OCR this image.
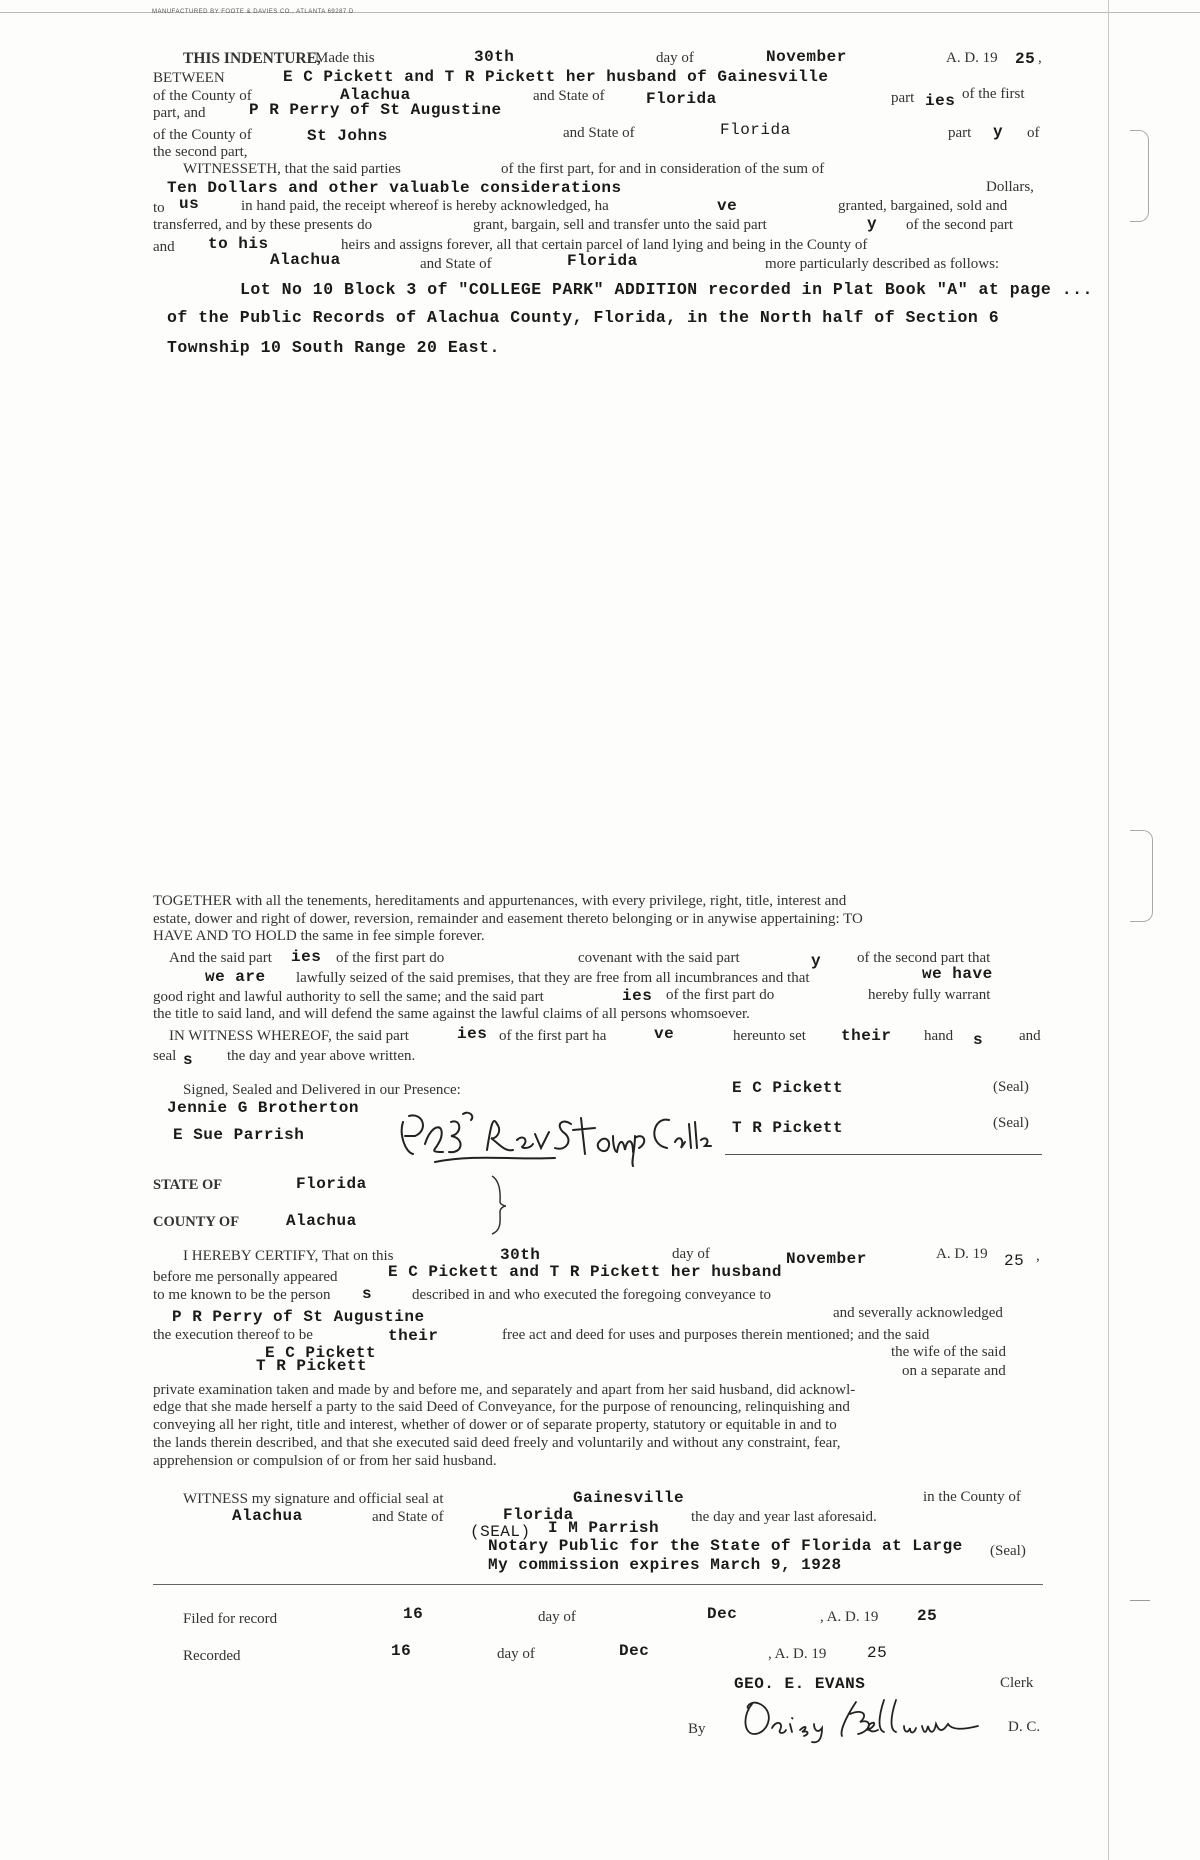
MANUFACTURED BY FOOTE & DAVIES CO., ATLANTA 69287 D
THIS INDENTURE,
Made this	30th	day of	November	A. D. 19 25 ,
BETWEEN	E C Pickett and T R Pickett her husband of Gainesville
of the County of	Alachua	and State of	Florida	part ies of the first
part, and	P R Perry of St Augustine
of the County of	St Johns	and State of	Florida	part y of
the second part,
WITNESSETH, that the said parties	of the first part, for and in consideration of the sum of
Ten Dollars and other valuable considerations	Dollars,
to us	in hand paid, the receipt whereof is hereby acknowledged, ha	ve	granted, bargained, sold and
transferred, and by these presents do	grant, bargain, sell and transfer unto the said part	y of the second part
and to his	heirs and assigns forever, all that certain parcel of land lying and being in the County of
Alachua	and State of	Florida	more particularly described as follows:
Lot No 10 Block 3 of "COLLEGE PARK" ADDITION recorded in Plat Book "A" at page ...
of the Public Records of Alachua County, Florida, in the North half of Section 6
Township 10 South Range 20 East.
TOGETHER with all the tenements, hereditaments and appurtenances, with every privilege, right, title, interest and
estate, dower and right of dower, reversion, remainder and easement thereto belonging or in anywise appertaining: TO
HAVE AND TO HOLD the same in fee simple forever.
And the said part ies of the first part do	covenant with the said part	y of the second part that
we are lawfully seized of the said premises, that they are free from all incumbrances and that	we have
good right and lawful authority to sell the same; and the said part	ies of the first part do	hereby fully warrant
the title to said land, and will defend the same against the lawful claims of all persons whomsoever.
IN WITNESS WHEREOF, the said part	ies of the first part ha	ve	hereunto set their hand s and
seal s the day and year above written.
Signed, Sealed and Delivered in our Presence:
Jennie G Brotherton
E Sue Parrish
E C Pickett
T R Pickett
(Seal)
(Seal)
STATE OF	Florida
COUNTY OF	Alachua
I HEREBY CERTIFY, That on this	30th	day of	November	A. D. 19 25 ,
before me personally appeared	E C Pickett and T R Pickett her husband
to me known to be the person s	described in and who executed the foregoing conveyance to
and severally acknowledged
P R Perry of St Augustine
the execution thereof to be	their	free act and deed for uses and purposes therein mentioned; and the said
E C Pickett
T R Pickett
the wife of the said
on a separate and
private examination taken and made by and before me, and separately and apart from her said husband, did acknowl-
edge that she made herself a party to the said Deed of Conveyance, for the purpose of renouncing, relinquishing and
conveying all her right, title and interest, whether of dower or of separate property, statutory or equitable in and to
the lands therein described, and that she executed said deed freely and voluntarily and without any constraint, fear,
apprehension or compulsion of or from her said husband.
WITNESS my signature and official seal at	Gainesville	in the County of
Alachua	and State of	Florida	the day and year last aforesaid.
(SEAL) I M Parrish
Notary Public for the State of Florida at Large
My commission expires March 9, 1928
(Seal)
Filed for record	16	day of	Dec	, A. D. 19 25
Recorded	16	day of	Dec	, A. D. 19	25
GEO. E. EVANS	Clerk
By	D. C.
